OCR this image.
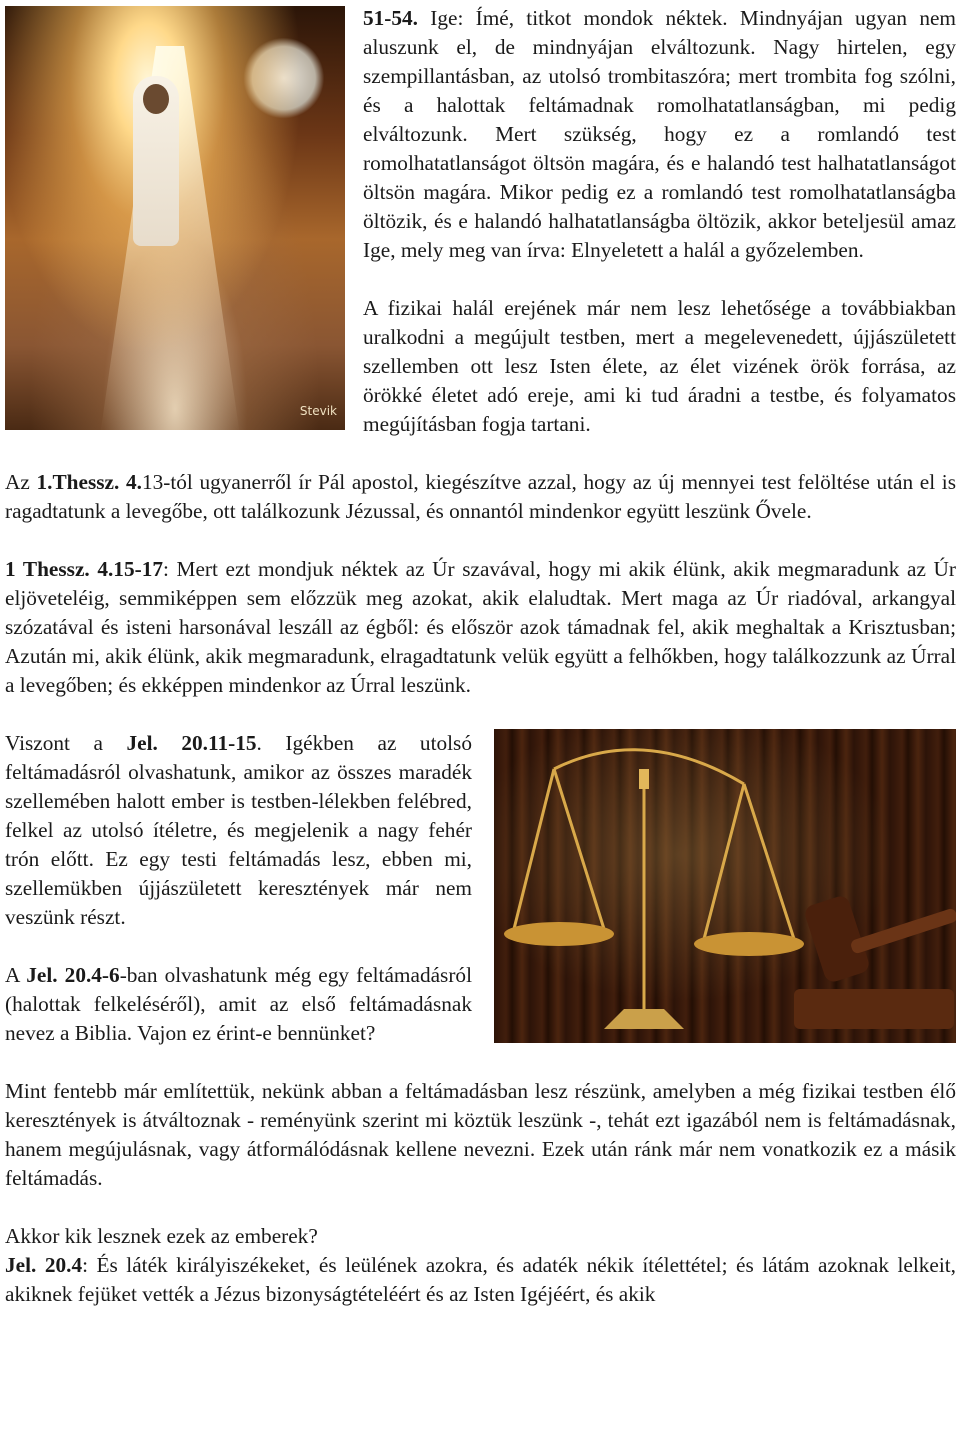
Stevik

51-54. Ige: Ímé, titkot mondok néktek. Mindnyájan ugyan nem aluszunk el, de mindnyájan elváltozunk. Nagy hirtelen, egy szempillantásban, az utolsó trombitaszóra; mert trombita fog szólni, és a halottak feltámadnak romolhatatlanságban, mi pedig elváltozunk. Mert szükség, hogy ez a romlandó test romolhatatlanságot öltsön magára, és e halandó test halhatatlanságot öltsön magára. Mikor pedig ez a romlandó test romolhatatlanságba öltözik, és e halandó halhatatlanságba öltözik, akkor beteljesül amaz Ige, mely meg van írva: Elnyeletett a halál a győzelemben.

A fizikai halál erejének már nem lesz lehetősége a továbbiakban uralkodni a megújult testben, mert a megelevenedett, újjászületett szellemben ott lesz Isten élete, az élet vizének örök forrása, az örökké életet adó ereje, ami ki tud áradni a testbe, és folyamatos megújításban fogja tartani.

Az 1.Thessz. 4.13-tól ugyanerről ír Pál apostol, kiegészítve azzal, hogy az új mennyei test felöltése után el is ragadtatunk a levegőbe, ott találkozunk Jézussal, és onnantól mindenkor együtt leszünk Ővele.

1 Thessz. 4.15-17: Mert ezt mondjuk néktek az Úr szavával, hogy mi akik élünk, akik megmaradunk az Úr eljöveteléig, semmiképpen sem előzzük meg azokat, akik elaludtak. Mert maga az Úr riadóval, arkangyal szózatával és isteni harsonával leszáll az égből: és először azok támadnak fel, akik meghaltak a Krisztusban; Azután mi, akik élünk, akik megmaradunk, elragadtatunk velük együtt a felhőkben, hogy találkozzunk az Úrral a levegőben; és ekképpen mindenkor az Úrral leszünk.

Viszont a Jel. 20.11-15. Igékben az utolsó feltámadásról olvashatunk, amikor az összes maradék szellemében halott ember is testben-lélekben felébred, felkel az utolsó ítéletre, és megjelenik a nagy fehér trón előtt. Ez egy testi feltámadás lesz, ebben mi, szellemükben újjászületett keresztények már nem veszünk részt.

A Jel. 20.4-6-ban olvashatunk még egy feltámadásról (halottak felkeléséről), amit az első feltámadásnak nevez a Biblia. Vajon ez érint-e bennünket?

Mint fentebb már említettük, nekünk abban a feltámadásban lesz részünk, amelyben a még fizikai testben élő keresztények is átváltoznak - reményünk szerint mi köztük leszünk -, tehát ezt igazából nem is feltámadásnak, hanem megújulásnak, vagy átformálódásnak kellene nevezni. Ezek után ránk már nem vonatkozik ez a másik feltámadás.

Akkor kik lesznek ezek az emberek?

Jel. 20.4: És láték királyiszékeket, és leülének azokra, és adaték nékik ítélettétel; és látám azoknak lelkeit, akiknek fejüket vették a Jézus bizonyságtételéért és az Isten Igéjéért, és akik
